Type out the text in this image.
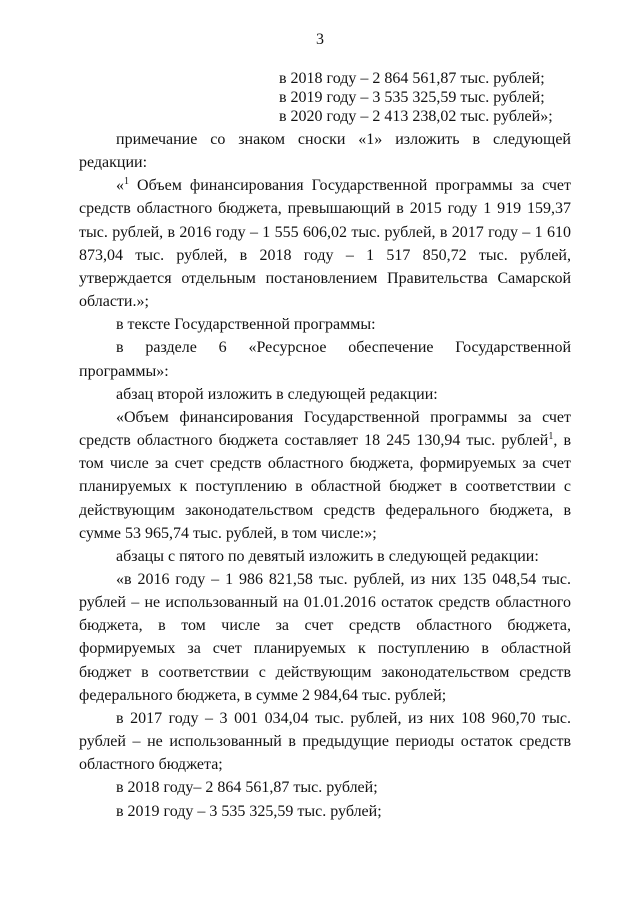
3
в 2018 году – 2 864 561,87 тыс. рублей;
в 2019 году – 3 535 325,59 тыс. рублей;
в 2020 году – 2 413 238,02 тыс. рублей»;

примечание со знаком сноски «1» изложить в следующей редакции:

«$^1$ Объем финансирования Государственной программы за счет средств областного бюджета, превышающий в 2015 году 1 919 159,37 тыс. рублей, в 2016 году – 1 555 606,02 тыс. рублей, в 2017 году – 1 610 873,04 тыс. рублей, в 2018 году – 1 517 850,72 тыс. рублей, утверждается отдельным постановлением Правительства Самарской области.»;

в тексте Государственной программы:

в разделе 6 «Ресурсное обеспечение Государственной программы»:

абзац второй изложить в следующей редакции:

«Объем финансирования Государственной программы за счет средств областного бюджета составляет 18 245 130,94 тыс. рублей$^1$, в том числе за счет средств областного бюджета, формируемых за счет планируемых к поступлению в областной бюджет в соответствии с действующим законодательством средств федерального бюджета, в сумме 53 965,74 тыс. рублей, в том числе:»;

абзацы с пятого по девятый изложить в следующей редакции:

«в 2016 году – 1 986 821,58 тыс. рублей, из них 135 048,54 тыс. рублей – не использованный на 01.01.2016 остаток средств областного бюджета, в том числе за счет средств областного бюджета, формируемых за счет планируемых к поступлению в областной бюджет в соответствии с действующим законодательством средств федерального бюджета, в сумме 2 984,64 тыс. рублей;

в 2017 году – 3 001 034,04 тыс. рублей, из них 108 960,70 тыс. рублей – не использованный в предыдущие периоды остаток средств областного бюджета;

в 2018 году– 2 864 561,87 тыс. рублей;

в 2019 году – 3 535 325,59 тыс. рублей;
